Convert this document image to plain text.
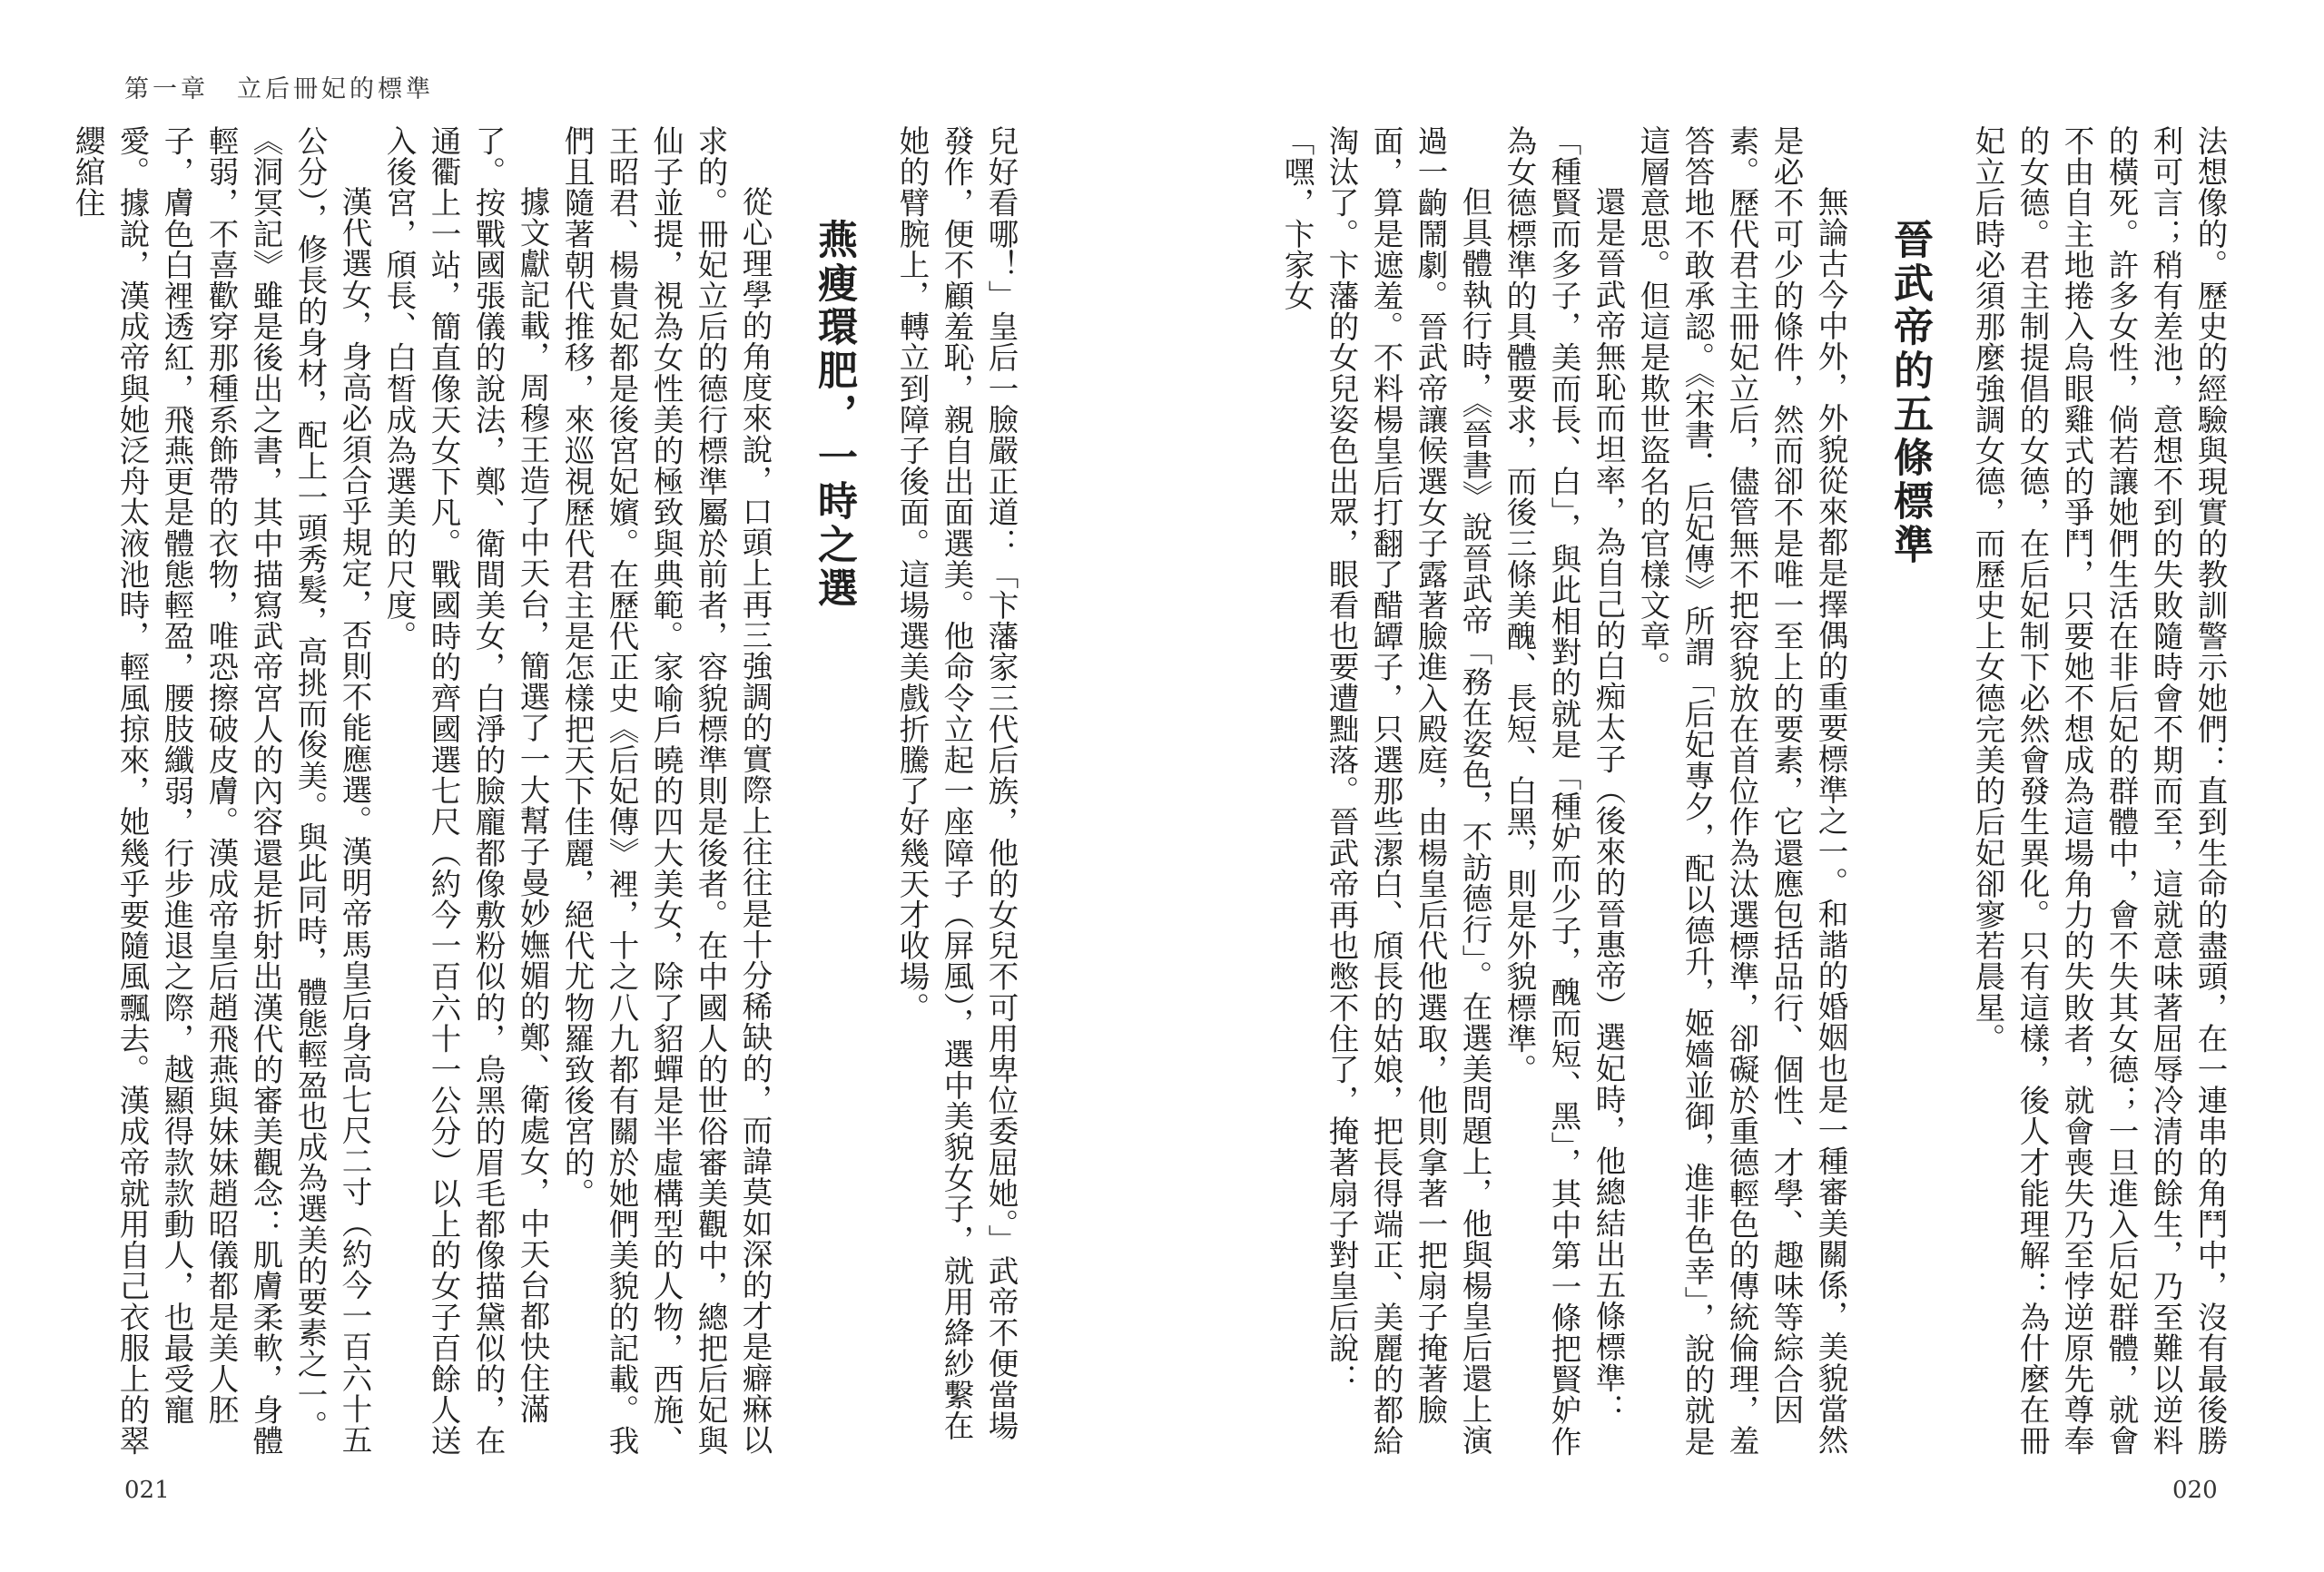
第一章　立后冊妃的標準

兒好看哪！」皇后一臉嚴正道：「卞藩家三代后族，他的女兒不可用卑位委屈她。」武帝不便當場發作，便不顧羞恥，親自出面選美。他命令立起一座障子（屏風），選中美貌女子，就用絳紗繫在她的臂腕上，轉立到障子後面。這場選美戲折騰了好幾天才收場。

燕瘦環肥，一時之選

從心理學的角度來說，口頭上再三強調的實際上往往是十分稀缺的，而諱莫如深的才是癖痳以求的。冊妃立后的德行標準屬於前者，容貌標準則是後者。在中國人的世俗審美觀中，總把后妃與仙子並提，視為女性美的極致與典範。家喻戶曉的四大美女，除了貂蟬是半虛構型的人物，西施、王昭君、楊貴妃都是後宮妃嬪。在歷代正史《后妃傳》裡，十之八九都有關於她們美貌的記載。我們且隨著朝代推移，來巡視歷代君主是怎樣把天下佳麗，絕代尤物羅致後宮的。

據文獻記載，周穆王造了中天台，簡選了一大幫子曼妙嫵媚的鄭、衛處女，中天台都快住滿了。按戰國張儀的說法，鄭、衛間美女，白淨的臉龐都像敷粉似的，烏黑的眉毛都像描黛似的，在通衢上一站，簡直像天女下凡。戰國時的齊國選七尺（約今一百六十一公分）以上的女子百餘人送入後宮，頎長、白皙成為選美的尺度。

漢代選女，身高必須合乎規定，否則不能應選。漢明帝馬皇后身高七尺二寸（約今一百六十五公分），修長的身材，配上一頭秀髮，高挑而俊美。與此同時，體態輕盈也成為選美的要素之一。《洞冥記》雖是後出之書，其中描寫武帝宮人的內容還是折射出漢代的審美觀念：肌膚柔軟，身體輕弱，不喜歡穿那種系飾帶的衣物，唯恐擦破皮膚。漢成帝皇后趙飛燕與妹妹趙昭儀都是美人胚子，膚色白裡透紅，飛燕更是體態輕盈，腰肢纖弱，行步進退之際，越顯得款款動人，也最受寵愛。據說，漢成帝與她泛舟太液池時，輕風掠來，她幾乎要隨風飄去。漢成帝就用自己衣服上的翠纓綰住

021

法想像的。歷史的經驗與現實的教訓警示她們：直到生命的盡頭，在一連串的角鬥中，沒有最後勝利可言；稍有差池，意想不到的失敗隨時會不期而至，這就意味著屈辱冷清的餘生，乃至難以逆料的橫死。許多女性，倘若讓她們生活在非后妃的群體中，會不失其女德；一旦進入后妃群體，就會不由自主地捲入烏眼雞式的爭鬥，只要她不想成為這場角力的失敗者，就會喪失乃至悖逆原先尊奉的女德。君主制提倡的女德，在后妃制下必然會發生異化。只有這樣，後人才能理解：為什麼在冊妃立后時必須那麼強調女德，而歷史上女德完美的后妃卻寥若晨星。

晉武帝的五條標準

無論古今中外，外貌從來都是擇偶的重要標準之一。和諧的婚姻也是一種審美關係，美貌當然是必不可少的條件，然而卻不是唯一至上的要素，它還應包括品行、個性、才學、趣味等綜合因素。歷代君主冊妃立后，儘管無不把容貌放在首位作為汰選標準，卻礙於重德輕色的傳統倫理，羞答答地不敢承認。《宋書．后妃傳》所謂「后妃專夕，配以德升，姬嬙並御，進非色幸」，說的就是這層意思。但這是欺世盜名的官樣文章。

還是晉武帝無恥而坦率，為自己的白痴太子（後來的晉惠帝）選妃時，他總結出五條標準：「種賢而多子，美而長、白」，與此相對的就是「種妒而少子，醜而短、黑」，其中第一條把賢妒作為女德標準的具體要求，而後三條美醜、長短、白黑，則是外貌標準。

但具體執行時，《晉書》說晉武帝「務在姿色，不訪德行」。在選美問題上，他與楊皇后還上演過一齣鬧劇。晉武帝讓候選女子露著臉進入殿庭，由楊皇后代他選取，他則拿著一把扇子掩著臉面，算是遮羞。不料楊皇后打翻了醋罈子，只選那些潔白、頎長的姑娘，把長得端正、美麗的都給淘汰了。卞藩的女兒姿色出眾，眼看也要遭黜落。晉武帝再也憋不住了，掩著扇子對皇后說：「嘿，卞家女

020
